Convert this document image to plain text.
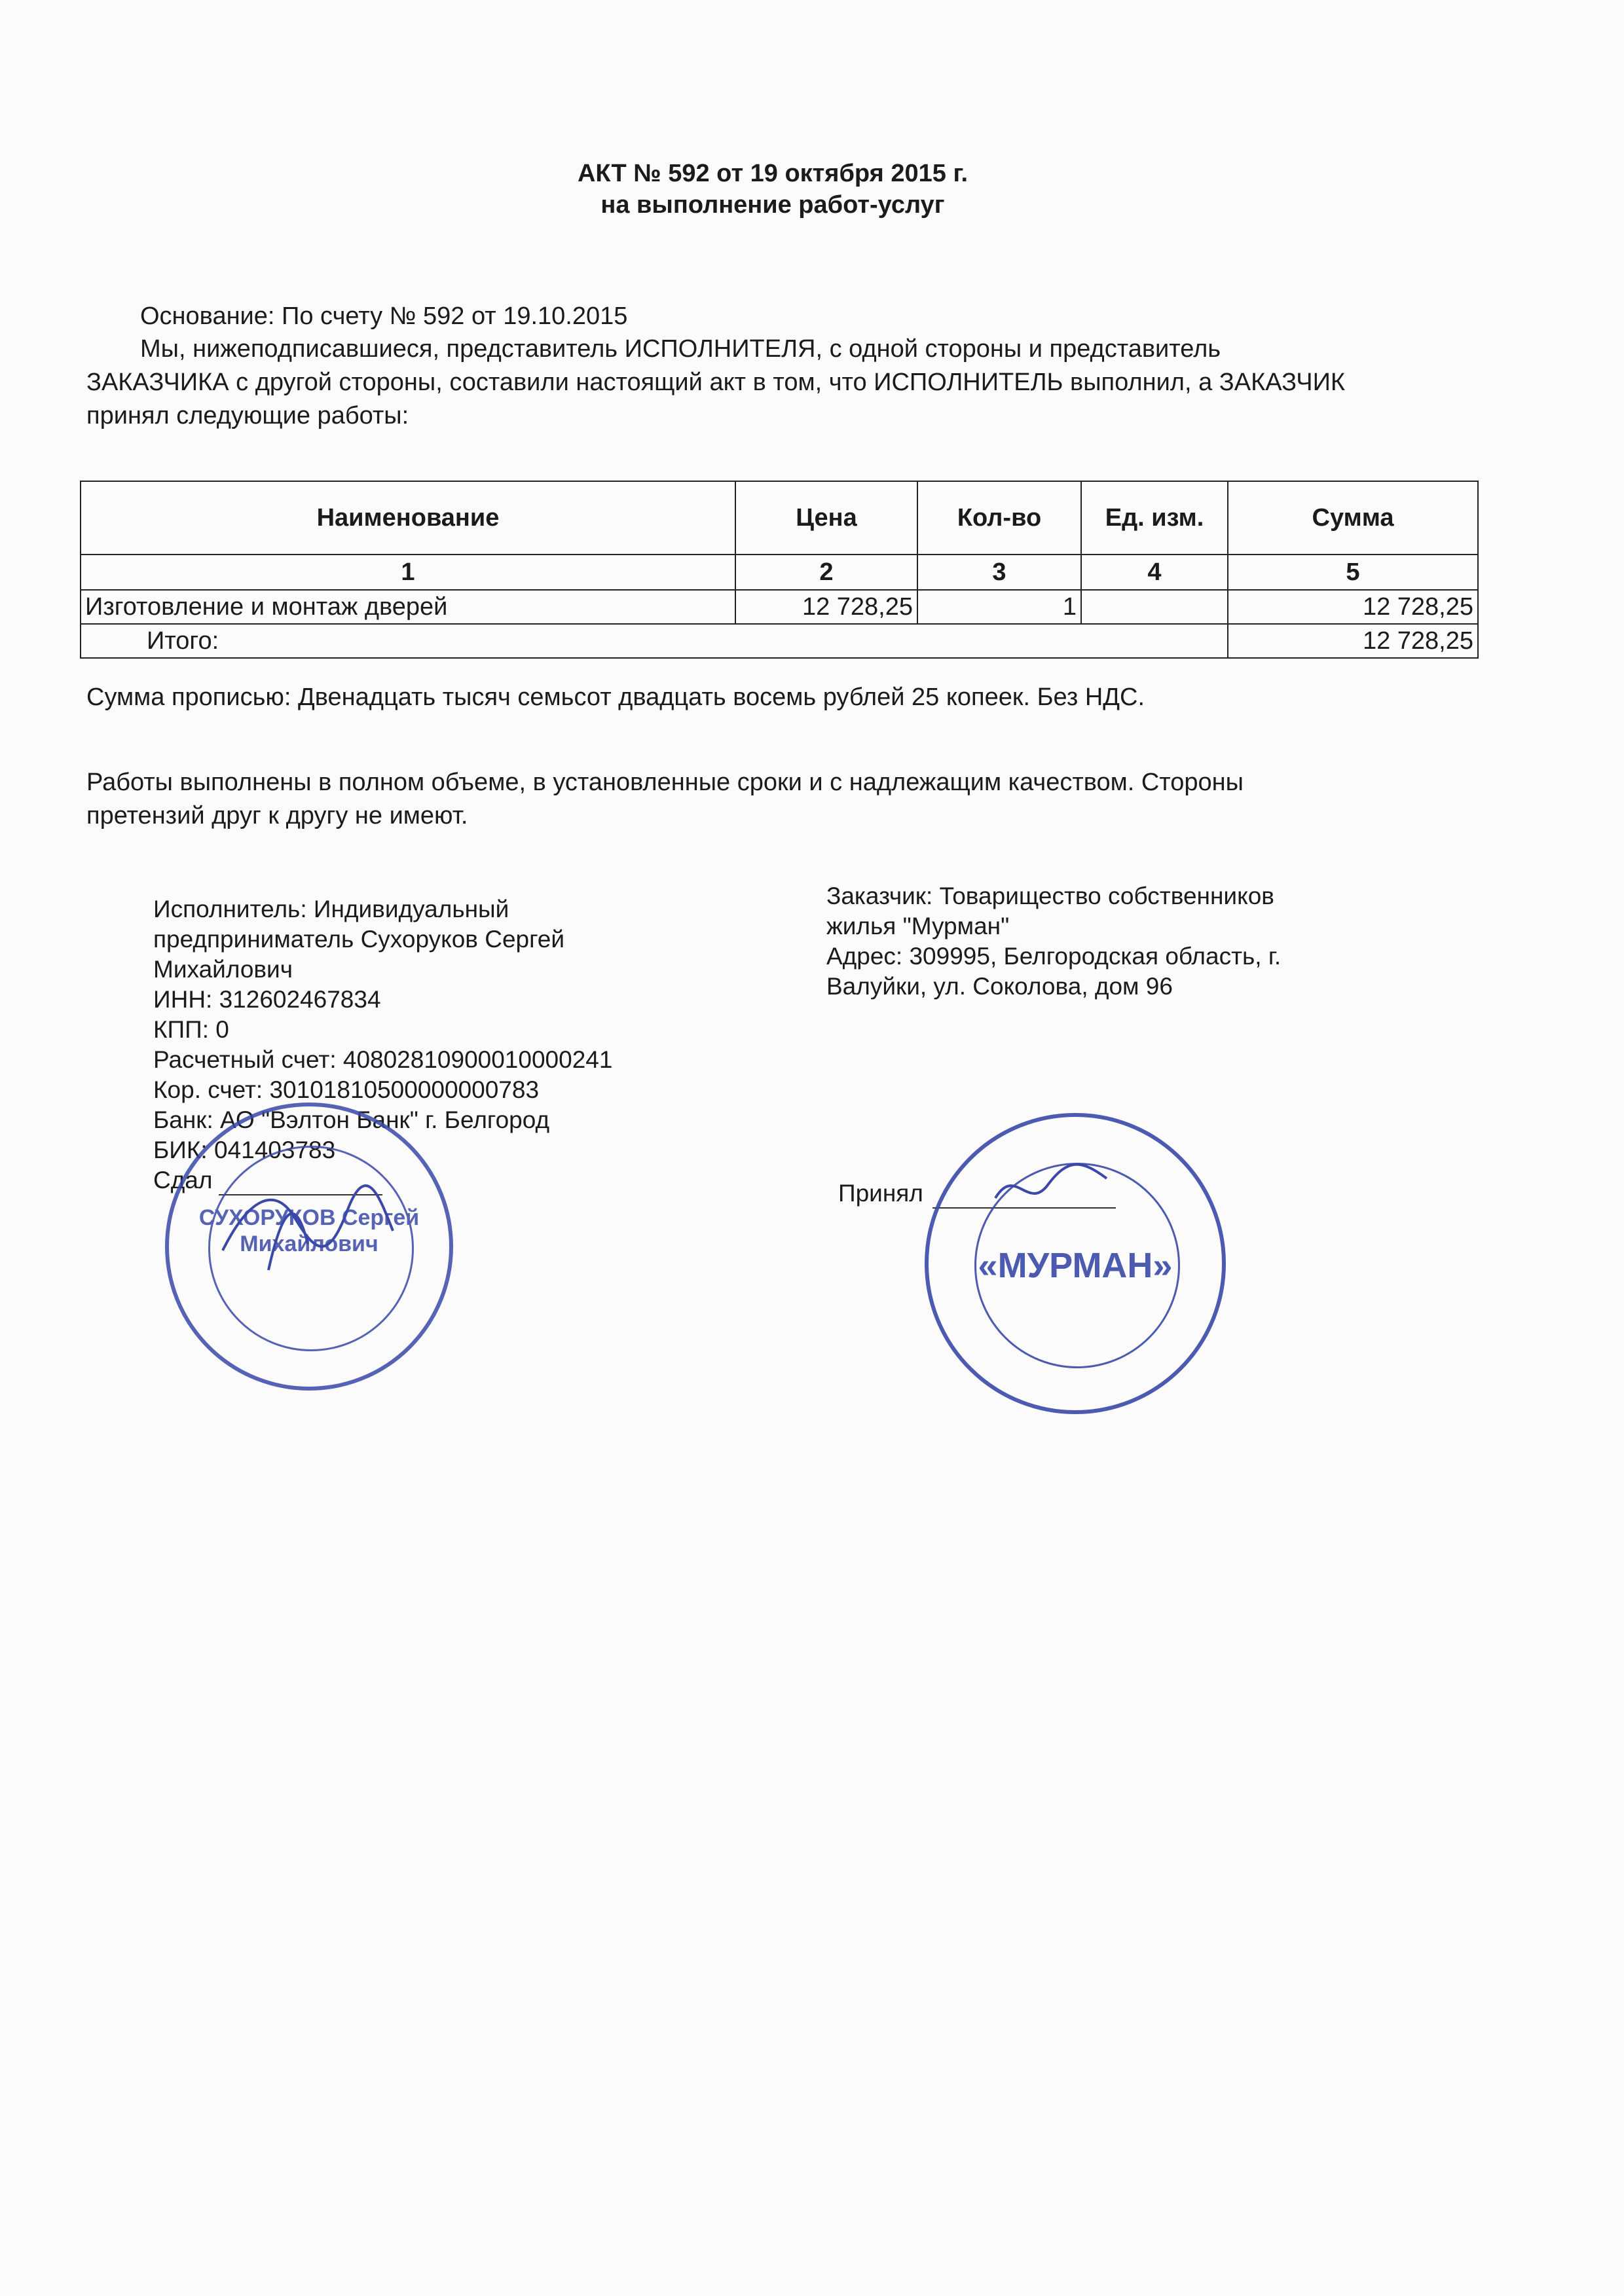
АКТ № 592 от 19 октября 2015 г.
на выполнение работ-услуг
Основание: По счету № 592 от 19.10.2015
Мы, нижеподписавшиеся, представитель ИСПОЛНИТЕЛЯ, с одной стороны и представитель
ЗАКАЗЧИКА с другой стороны, составили настоящий акт в том, что ИСПОЛНИТЕЛЬ выполнил, а ЗАКАЗЧИК
принял следующие работы:
Наименование	Цена	Кол-во	Ед. изм.	Сумма
1	2	3	4	5
Изготовление и монтаж дверей	12 728,25	1		12 728,25
Итого:				12 728,25
Сумма прописью: Двенадцать тысяч семьсот двадцать восемь рублей 25 копеек. Без НДС.
Работы выполнены в полном объеме, в установленные сроки и с надлежащим качеством. Стороны
претензий друг к другу не имеют.
Исполнитель: Индивидуальный
предприниматель Сухоруков Сергей
Михайлович
ИНН: 312602467834
КПП: 0
Расчетный счет: 40802810900010000241
Кор. счет: 30101810500000000783
Банк: АО "Вэлтон Банк" г. Белгород
БИК: 041403783
Сдал
Заказчик: Товарищество собственников
жилья "Мурман"
Адрес: 309995, Белгородская область, г.
Валуйки, ул. Соколова, дом 96
Принял
СУХОРУКОВ Сергей Михайлович
«МУРМАН»
